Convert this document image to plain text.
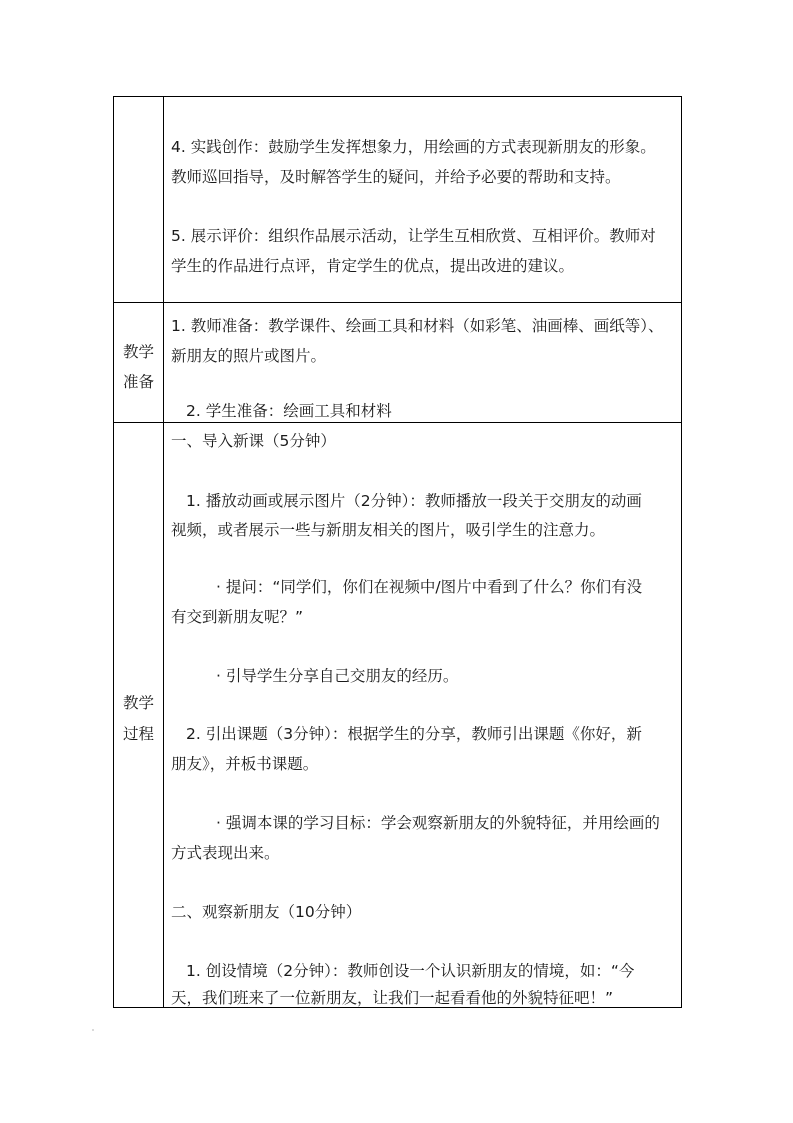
4. 实践创作：鼓励学生发挥想象力，用绘画的方式表现新朋友的形象。
教师巡回指导，及时解答学生的疑问，并给予必要的帮助和支持。
5. 展示评价：组织作品展示活动，让学生互相欣赏、互相评价。教师对
学生的作品进行点评，肯定学生的优点，提出改进的建议。
教学
准备
1. 教师准备：教学课件、绘画工具和材料（如彩笔、油画棒、画纸等）、
新朋友的照片或图片。
2. 学生准备：绘画工具和材料
教学
过程
一、导入新课（5分钟）
1. 播放动画或展示图片（2分钟）：教师播放一段关于交朋友的动画
视频，或者展示一些与新朋友相关的图片，吸引学生的注意力。
· 提问：“同学们，你们在视频中/图片中看到了什么？你们有没
有交到新朋友呢？”
· 引导学生分享自己交朋友的经历。
2. 引出课题（3分钟）：根据学生的分享，教师引出课题《你好，新
朋友》，并板书课题。
· 强调本课的学习目标：学会观察新朋友的外貌特征，并用绘画的
方式表现出来。
二、观察新朋友（10分钟）
1. 创设情境（2分钟）：教师创设一个认识新朋友的情境，如：“今
天，我们班来了一位新朋友，让我们一起看看他的外貌特征吧！”
